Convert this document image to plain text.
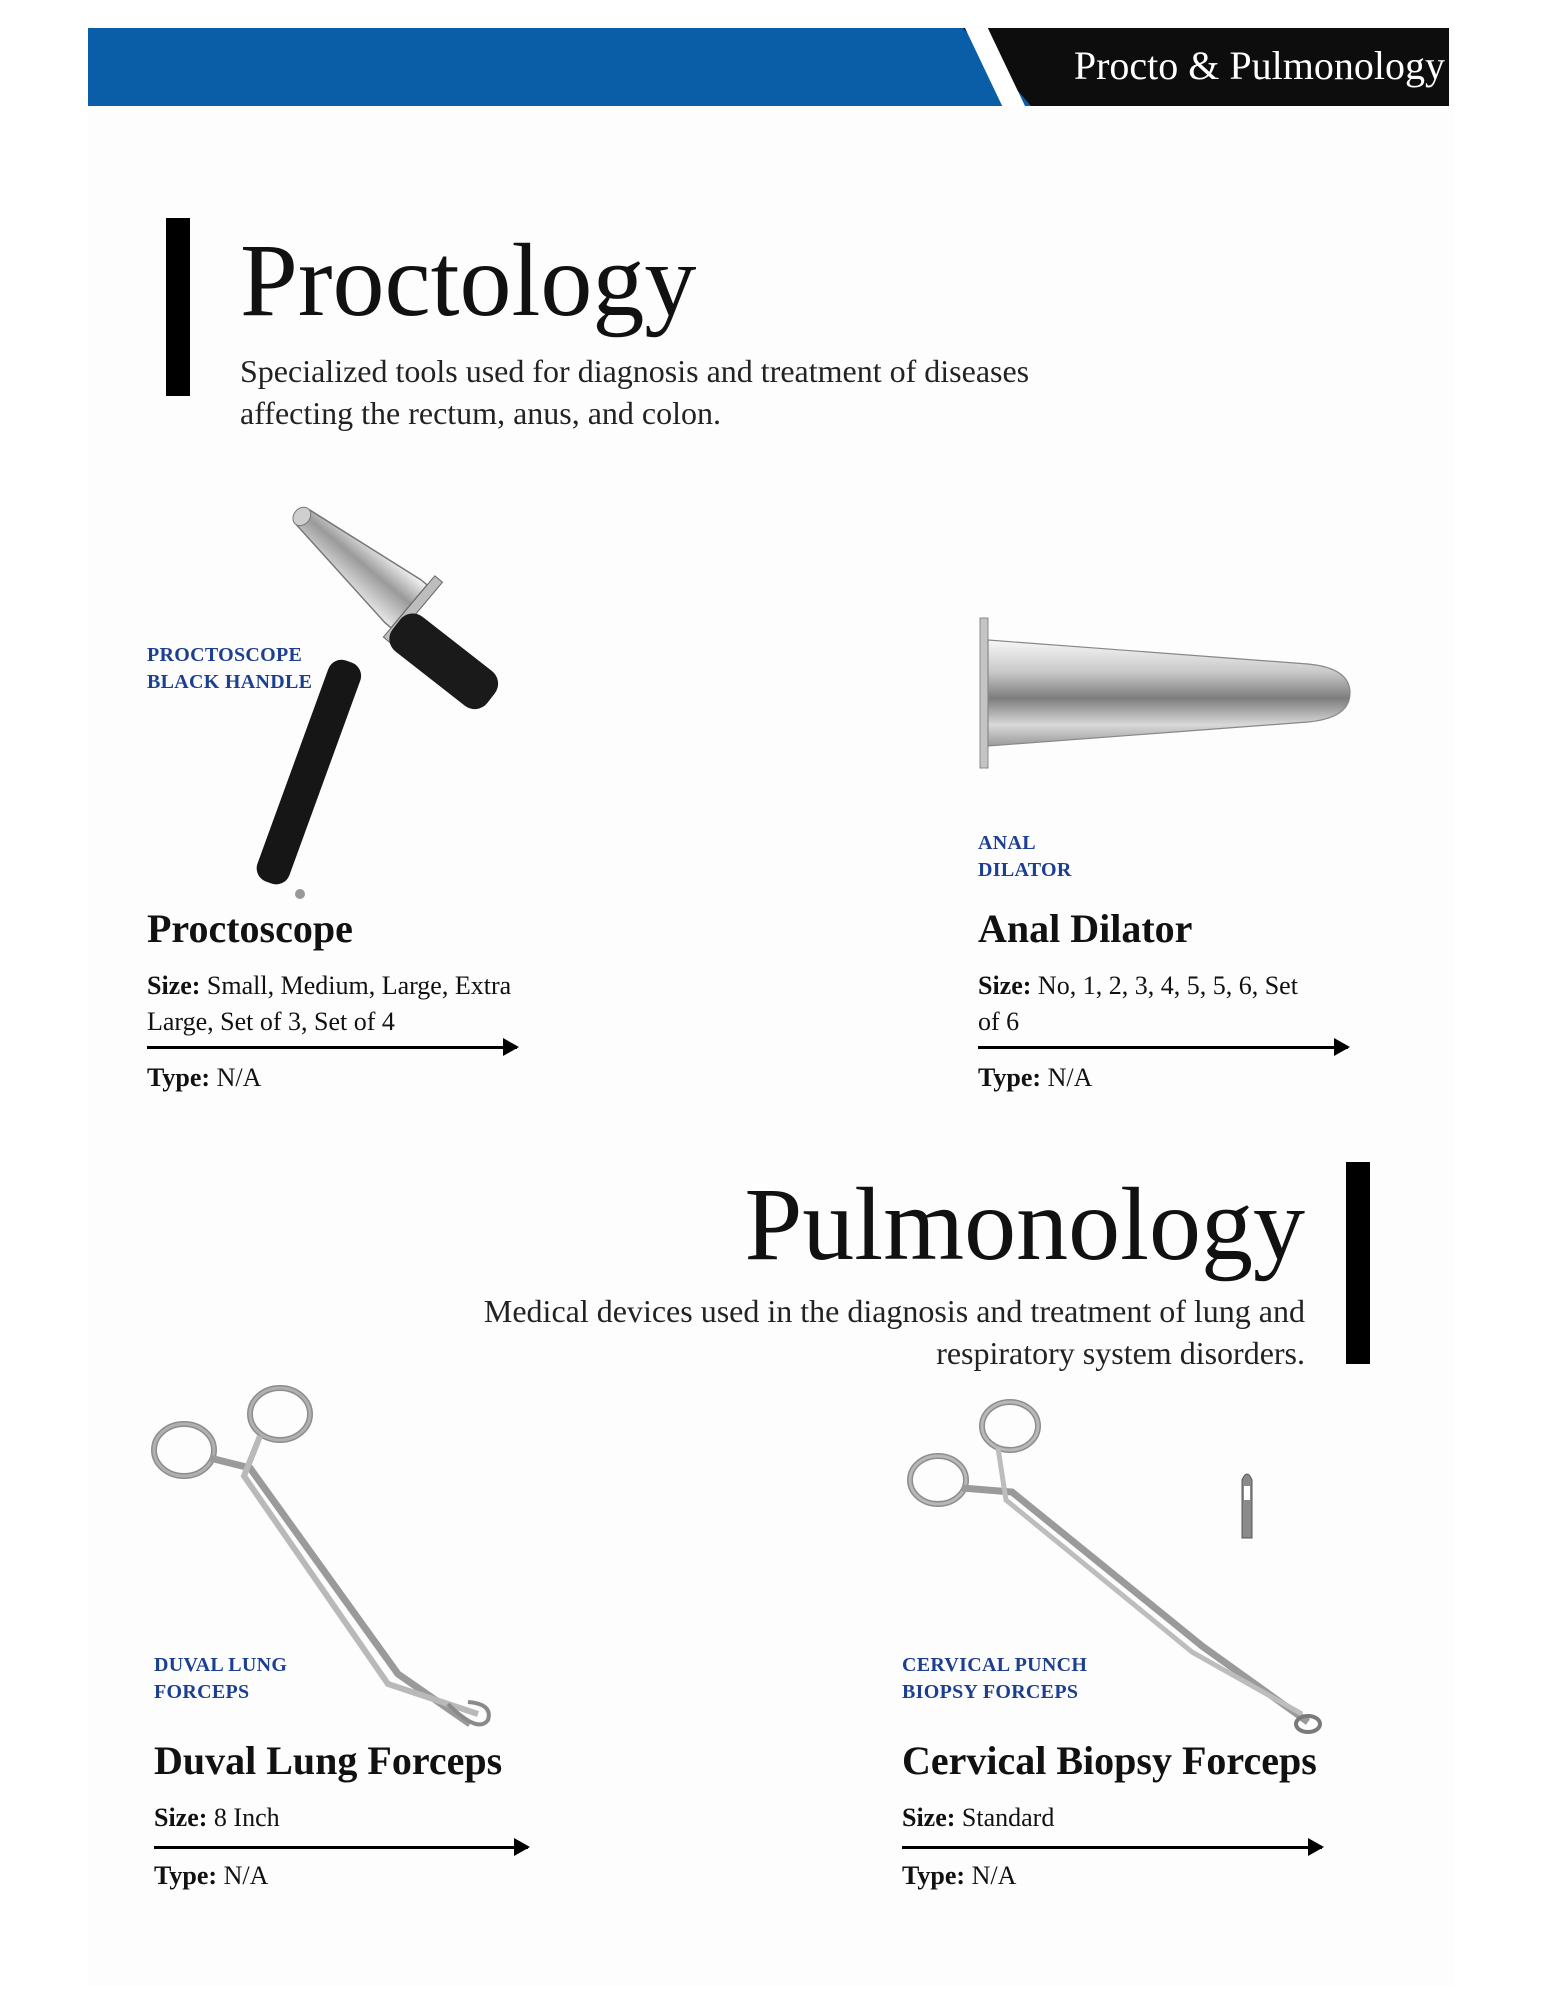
Procto & Pulmonology
Proctology
Specialized tools used for diagnosis and treatment of diseases
affecting the rectum, anus, and colon.
PROCTOSCOPE
BLACK HANDLE
Proctoscope
Size: Small, Medium, Large, Extra Large, Set of 3, Set of 4
Type: N/A
ANAL
DILATOR
Anal Dilator
Size: No, 1, 2, 3, 4, 5, 5, 6, Set of 6
Type: N/A
Pulmonology
Medical devices used in the diagnosis and treatment of lung and
respiratory system disorders.
DUVAL LUNG
FORCEPS
Duval Lung Forceps
Size: 8 Inch
Type: N/A
CERVICAL PUNCH
BIOPSY FORCEPS
Cervical Biopsy Forceps
Size: Standard
Type: N/A
